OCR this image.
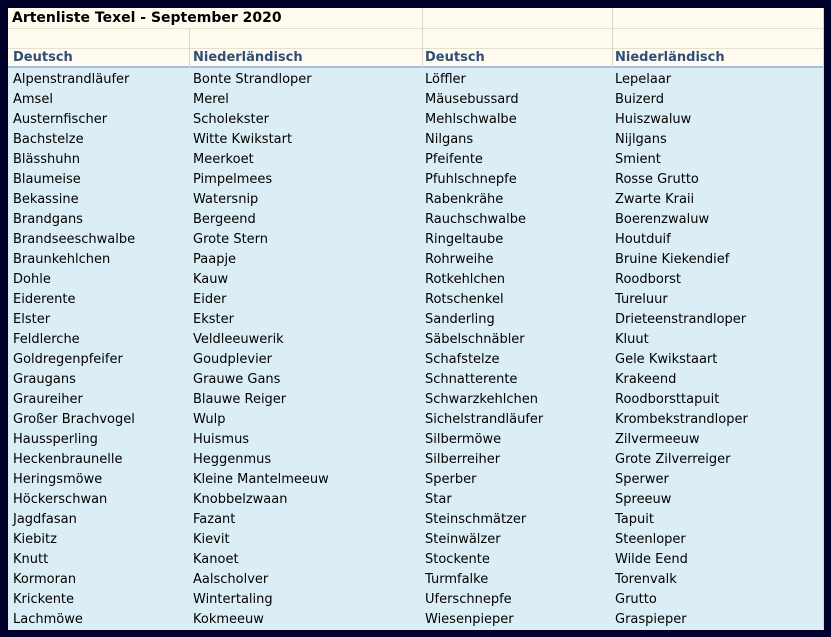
Artenliste Texel - September 2020
Deutsch	Niederländisch	Deutsch	Niederländisch
Alpenstrandläufer	Bonte Strandloper	Löffler	Lepelaar
Amsel	Merel	Mäusebussard	Buizerd
Austernfischer	Scholekster	Mehlschwalbe	Huiszwaluw
Bachstelze	Witte Kwikstart	Nilgans	Nijlgans
Blässhuhn	Meerkoet	Pfeifente	Smient
Blaumeise	Pimpelmees	Pfuhlschnepfe	Rosse Grutto
Bekassine	Watersnip	Rabenkrähe	Zwarte Kraii
Brandgans	Bergeend	Rauchschwalbe	Boerenzwaluw
Brandseeschwalbe	Grote Stern	Ringeltaube	Houtduif
Braunkehlchen	Paapje	Rohrweihe	Bruine Kiekendief
Dohle	Kauw	Rotkehlchen	Roodborst
Eiderente	Eider	Rotschenkel	Tureluur
Elster	Ekster	Sanderling	Drieteenstrandloper
Feldlerche	Veldleeuwerik	Säbelschnäbler	Kluut
Goldregenpfeifer	Goudplevier	Schafstelze	Gele Kwikstaart
Graugans	Grauwe Gans	Schnatterente	Krakeend
Graureiher	Blauwe Reiger	Schwarzkehlchen	Roodborsttapuit
Großer Brachvogel	Wulp	Sichelstrandläufer	Krombekstrandloper
Haussperling	Huismus	Silbermöwe	Zilvermeeuw
Heckenbraunelle	Heggenmus	Silberreiher	Grote Zilverreiger
Heringsmöwe	Kleine Mantelmeeuw	Sperber	Sperwer
Höckerschwan	Knobbelzwaan	Star	Spreeuw
Jagdfasan	Fazant	Steinschmätzer	Tapuit
Kiebitz	Kievit	Steinwälzer	Steenloper
Knutt	Kanoet	Stockente	Wilde Eend
Kormoran	Aalscholver	Turmfalke	Torenvalk
Krickente	Wintertaling	Uferschnepfe	Grutto
Lachmöwe	Kokmeeuw	Wiesenpieper	Graspieper
